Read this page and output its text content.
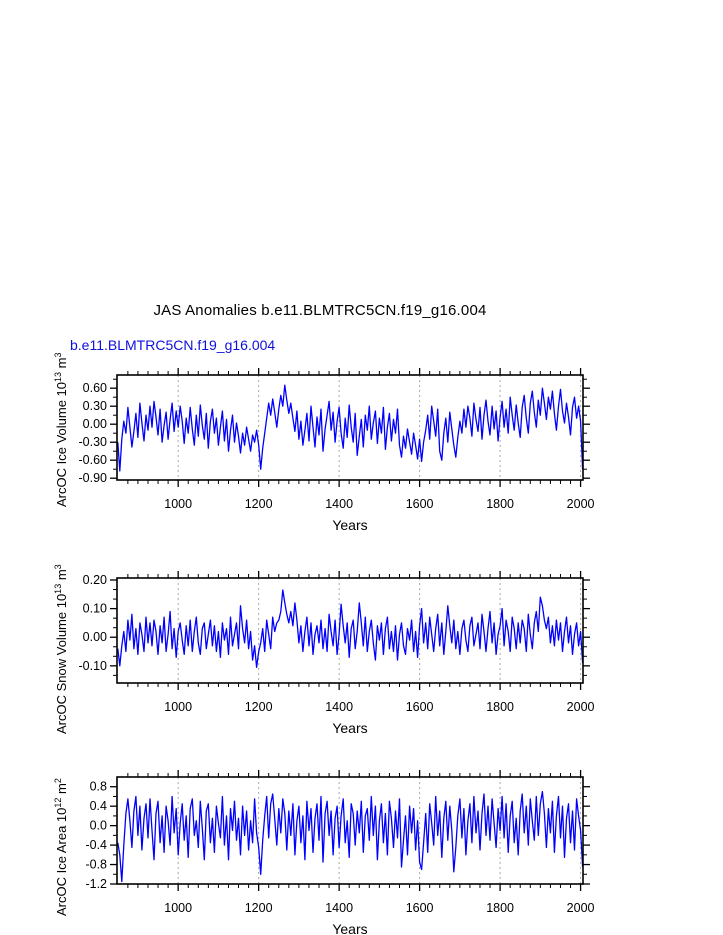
JAS Anomalies b.e11.BLMTRC5CN.f19_g16.004
b.e11.BLMTRC5CN.f19_g16.004
1000	1200	1400	1600	1800	2000
0.60
0.30
0.00
-0.30
-0.60
-0.90
Years
ArcOC Ice Volume $10^{13}$ $m^3$
1000	1200	1400	1600	1800	2000
0.20
0.10
0.00
-0.10
Years
ArcOC Snow Volume $10^{13}$ $m^3$
1000	1200	1400	1600	1800	2000
0.8
0.4
0.0
-0.4
-0.8
-1.2
Years
ArcOC Ice Area $10^{12}$ $m^2$
